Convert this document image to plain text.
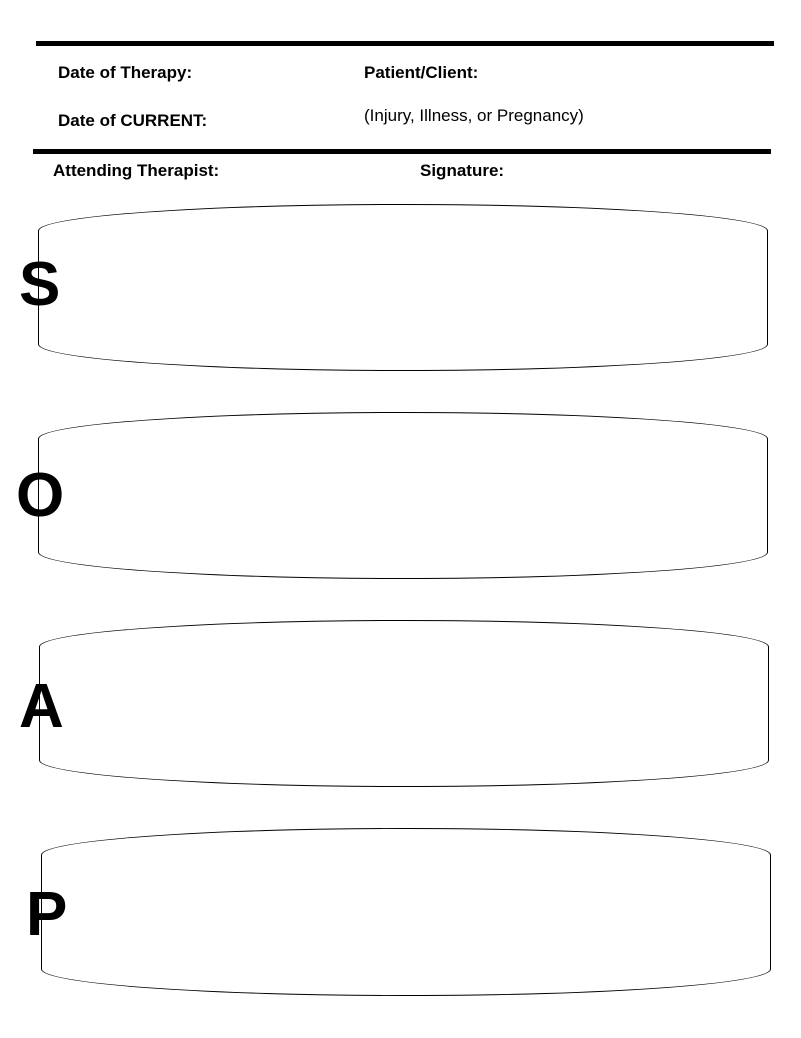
Date of Therapy:	Patient/Client:
Date of CURRENT:	(Injury, Illness, or Pregnancy)
Attending Therapist:	Signature:
S
O
A
P
